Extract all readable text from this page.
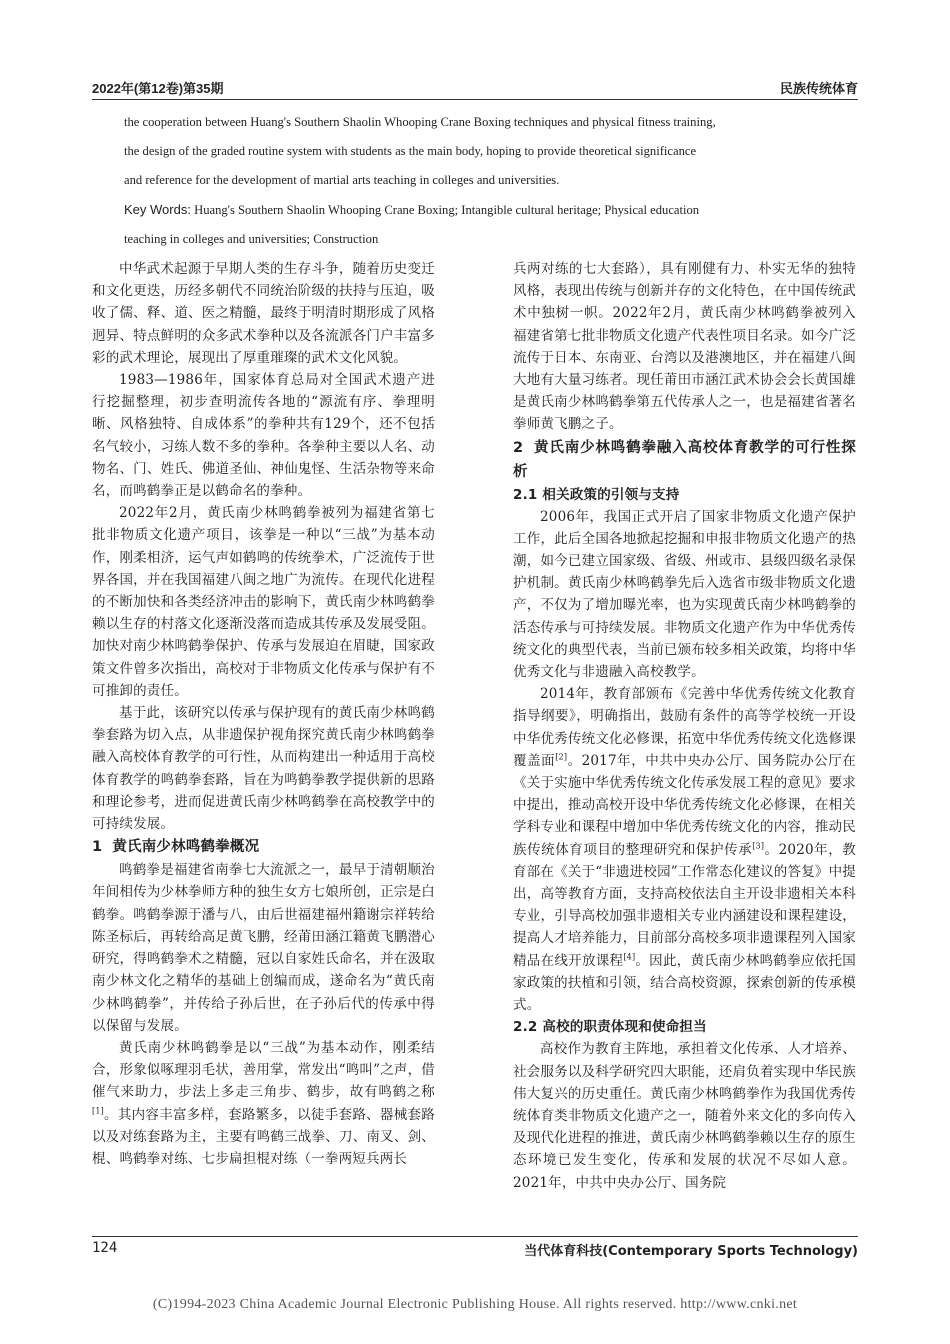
2022年(第12卷)第35期	民族传统体育

the cooperation between Huang's Southern Shaolin Whooping Crane Boxing techniques and physical fitness training,

the design of the graded routine system with students as the main body, hoping to provide theoretical significance

and reference for the development of martial arts teaching in colleges and universities.

Key Words: Huang's Southern Shaolin Whooping Crane Boxing; Intangible cultural heritage; Physical education

teaching in colleges and universities; Construction

中华武术起源于早期人类的生存斗争，随着历史变迁和文化更迭，历经多朝代不同统治阶级的扶持与压迫，吸收了儒、释、道、医之精髓，最终于明清时期形成了风格迥异、特点鲜明的众多武术拳种以及各流派各门户丰富多彩的武术理论，展现出了厚重璀璨的武术文化风貌。

1983—1986年，国家体育总局对全国武术遗产进行挖掘整理，初步查明流传各地的“源流有序、拳理明晰、风格独特、自成体系”的拳种共有129个，还不包括名气较小，习练人数不多的拳种。各拳种主要以人名、动物名、门、姓氏、佛道圣仙、神仙鬼怪、生活杂物等来命名，而鸣鹤拳正是以鹤命名的拳种。

2022年2月，黄氏南少林鸣鹤拳被列为福建省第七批非物质文化遗产项目，该拳是一种以“三战”为基本动作，刚柔相济，运气声如鹤鸣的传统拳术，广泛流传于世界各国，并在我国福建八闽之地广为流传。在现代化进程的不断加快和各类经济冲击的影响下，黄氏南少林鸣鹤拳赖以生存的村落文化逐渐没落而造成其传承及发展受阻。加快对南少林鸣鹤拳保护、传承与发展迫在眉睫，国家政策文件曾多次指出，高校对于非物质文化传承与保护有不可推卸的责任。

基于此，该研究以传承与保护现有的黄氏南少林鸣鹤拳套路为切入点，从非遗保护视角探究黄氏南少林鸣鹤拳融入高校体育教学的可行性，从而构建出一种适用于高校体育教学的鸣鹤拳套路，旨在为鸣鹤拳教学提供新的思路和理论参考，进而促进黄氏南少林鸣鹤拳在高校教学中的可持续发展。

1 黄氏南少林鸣鹤拳概况

鸣鹤拳是福建省南拳七大流派之一，最早于清朝顺治年间相传为少林拳师方种的独生女方七娘所创，正宗是白鹤拳。鸣鹤拳源于潘与八，由后世福建福州籍谢宗祥转给陈圣标后，再转给高足黄飞鹏，经莆田涵江籍黄飞鹏潜心研究，得鸣鹤拳术之精髓，冠以自家姓氏命名，并在汲取南少林文化之精华的基础上创编而成，遂命名为“黄氏南少林鸣鹤拳”，并传给子孙后世，在子孙后代的传承中得以保留与发展。

黄氏南少林鸣鹤拳是以“三战”为基本动作，刚柔结合，形象似啄理羽毛状，善用掌，常发出“鸣叫”之声，借催气来助力，步法上多走三角步、鹤步，故有鸣鹤之称[1]。其内容丰富多样，套路繁多，以徒手套路、器械套路以及对练套路为主，主要有鸣鹤三战拳、刀、南叉、剑、棍、鸣鹤拳对练、七步扁担棍对练（一拳两短兵两长

兵两对练的七大套路），具有刚健有力、朴实无华的独特风格，表现出传统与创新并存的文化特色，在中国传统武术中独树一帜。2022年2月，黄氏南少林鸣鹤拳被列入福建省第七批非物质文化遗产代表性项目名录。如今广泛流传于日本、东南亚、台湾以及港澳地区，并在福建八闽大地有大量习练者。现任莆田市涵江武术协会会长黄国雄是黄氏南少林鸣鹤拳第五代传承人之一，也是福建省著名拳师黄飞鹏之子。

2 黄氏南少林鸣鹤拳融入高校体育教学的可行性探析

2.1 相关政策的引领与支持

2006年，我国正式开启了国家非物质文化遗产保护工作，此后全国各地掀起挖掘和申报非物质文化遗产的热潮，如今已建立国家级、省级、州或市、县级四级名录保护机制。黄氏南少林鸣鹤拳先后入选省市级非物质文化遗产，不仅为了增加曝光率，也为实现黄氏南少林鸣鹤拳的活态传承与可持续发展。非物质文化遗产作为中华优秀传统文化的典型代表，当前已颁布较多相关政策，均将中华优秀文化与非遗融入高校教学。

2014年，教育部颁布《完善中华优秀传统文化教育指导纲要》，明确指出，鼓励有条件的高等学校统一开设中华优秀传统文化必修课，拓宽中华优秀传统文化选修课覆盖面[2]。2017年，中共中央办公厅、国务院办公厅在《关于实施中华优秀传统文化传承发展工程的意见》要求中提出，推动高校开设中华优秀传统文化必修课，在相关学科专业和课程中增加中华优秀传统文化的内容，推动民族传统体育项目的整理研究和保护传承[3]。2020年，教育部在《关于“非遗进校园”工作常态化建议的答复》中提出，高等教育方面，支持高校依法自主开设非遗相关本科专业，引导高校加强非遗相关专业内涵建设和课程建设，提高人才培养能力，目前部分高校多项非遗课程列入国家精品在线开放课程[4]。因此，黄氏南少林鸣鹤拳应依托国家政策的扶植和引领，结合高校资源，探索创新的传承模式。

2.2 高校的职责体现和使命担当

高校作为教育主阵地，承担着文化传承、人才培养、社会服务以及科学研究四大职能，还肩负着实现中华民族伟大复兴的历史重任。黄氏南少林鸣鹤拳作为我国优秀传统体育类非物质文化遗产之一，随着外来文化的多向传入及现代化进程的推进，黄氏南少林鸣鹤拳赖以生存的原生态环境已发生变化，传承和发展的状况不尽如人意。2021年，中共中央办公厅、国务院

124	当代体育科技(Contemporary Sports Technology)
(C)1994-2023 China Academic Journal Electronic Publishing House. All rights reserved. http://www.cnki.net
